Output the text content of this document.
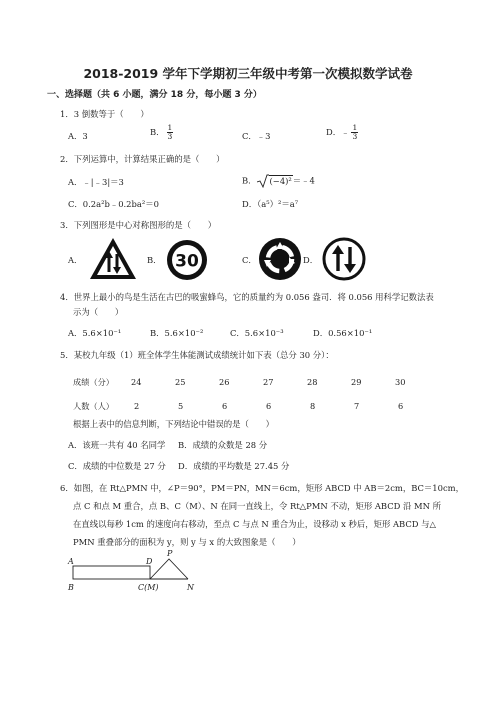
2018-2019 学年下学期初三年级中考第一次模拟数学试卷
一、选择题（共 6 小题，满分 18 分，每小题 3 分）
1．3 倒数等于（　　）
A．3	B． $\frac{1}{3}$	C．﹣3	D．﹣ $\frac{1}{3}$
2．下列运算中，计算结果正确的是（　　）
A．﹣|﹣3|＝3	B． (−4)²＝﹣4
C．0.2a²b﹣0.2ba²＝0	D．（a⁵）²＝a⁷
3．下列图形是中心对称图形的是（　　）
A．	B． 30	C．	D．
4．世界上最小的鸟是生活在古巴的吸蜜蜂鸟，它的质量约为 0.056 盎司．将 0.056 用科学记数法表
示为（　　）
A．5.6×10⁻¹	B．5.6×10⁻²	C．5.6×10⁻³	D．0.56×10⁻¹
5．某校九年级（1）班全体学生体能测试成绩统计如下表（总分 30 分）：
成绩（分）	24	25	26	27	28	29	30
人数（人）	2	5	6	6	8	7	6
根据上表中的信息判断，下列结论中错误的是（　　）
A．该班一共有 40 名同学 B．成绩的众数是 28 分
C．成绩的中位数是 27 分 D．成绩的平均数是 27.45 分
6．如图，在 Rt△PMN 中，∠P＝90°，PM＝PN，MN＝6cm，矩形 ABCD 中 AB＝2cm，BC＝10cm，
点 C 和点 M 重合，点 B、C（M）、N 在同一直线上，令 Rt△PMN 不动，矩形 ABCD 沿 MN 所
在直线以每秒 1cm 的速度向右移动，至点 C 与点 N 重合为止，设移动 x 秒后，矩形 ABCD 与△
PMN 重叠部分的面积为 y，则 y 与 x 的大致图象是（　　）
A	D
B	C(M)	N
P
